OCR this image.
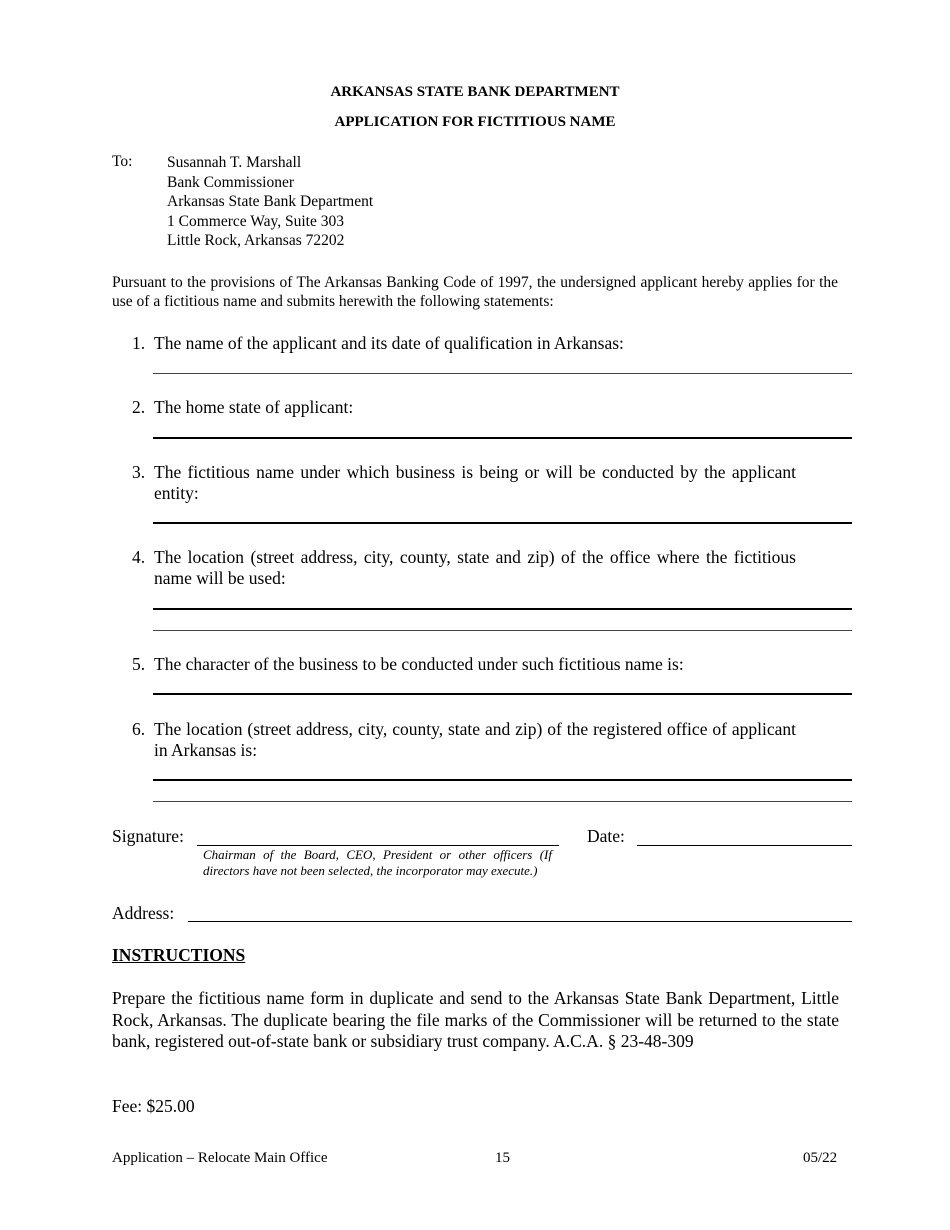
ARKANSAS STATE BANK DEPARTMENT
APPLICATION FOR FICTITIOUS NAME
To: Susannah T. Marshall
Bank Commissioner
Arkansas State Bank Department
1 Commerce Way, Suite 303
Little Rock, Arkansas 72202
Pursuant to the provisions of The Arkansas Banking Code of 1997, the undersigned applicant hereby applies for the use of a fictitious name and submits herewith the following statements:
1. The name of the applicant and its date of qualification in Arkansas:
2. The home state of applicant:
3. The fictitious name under which business is being or will be conducted by the applicant entity:
4. The location (street address, city, county, state and zip) of the office where the fictitious name will be used:
5. The character of the business to be conducted under such fictitious name is:
6. The location (street address, city, county, state and zip) of the registered office of applicant in Arkansas is:
Signature:
Chairman of the Board, CEO, President or other officers (If directors have not been selected, the incorporator may execute.)
Date:
Address:
INSTRUCTIONS
Prepare the fictitious name form in duplicate and send to the Arkansas State Bank Department, Little Rock, Arkansas. The duplicate bearing the file marks of the Commissioner will be returned to the state bank, registered out-of-state bank or subsidiary trust company. A.C.A. § 23-48-309
Fee: $25.00
Application – Relocate Main Office	15	05/22
